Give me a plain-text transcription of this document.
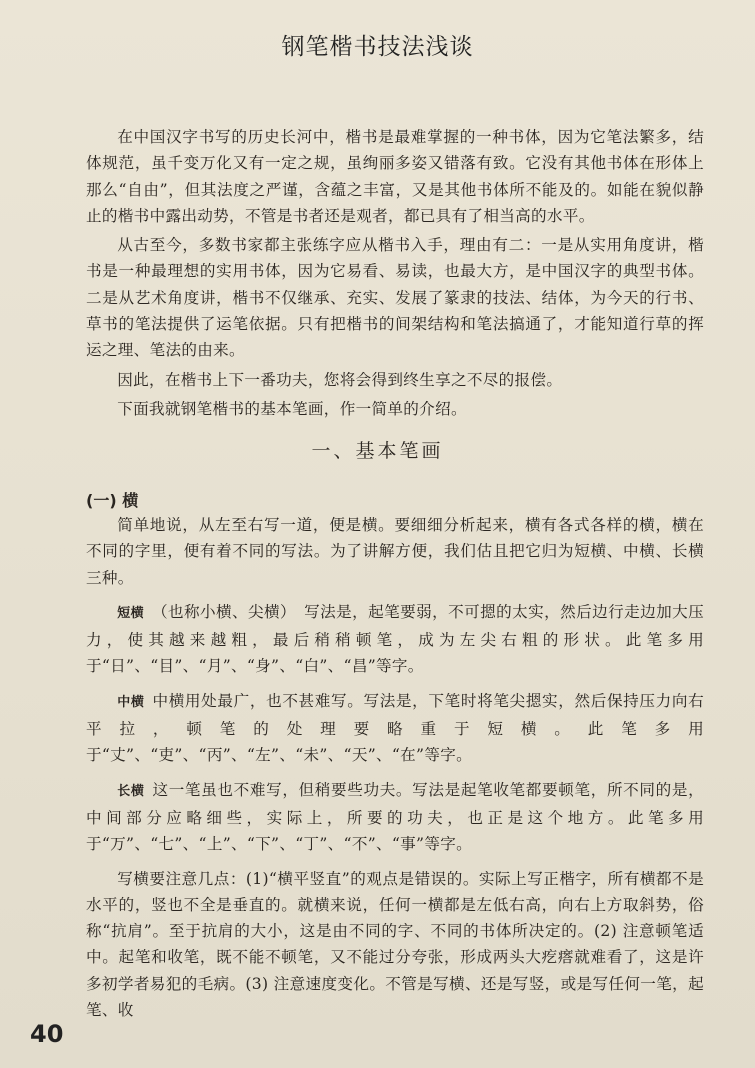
钢笔楷书技法浅谈

在中国汉字书写的历史长河中，楷书是最难掌握的一种书体，因为它笔法繁多，结体规范，虽千变万化又有一定之规，虽绚丽多姿又错落有致。它没有其他书体在形体上那么“自由”，但其法度之严谨，含蕴之丰富，又是其他书体所不能及的。如能在貌似静止的楷书中露出动势，不管是书者还是观者，都已具有了相当高的水平。

从古至今，多数书家都主张练字应从楷书入手，理由有二：一是从实用角度讲，楷书是一种最理想的实用书体，因为它易看、易读，也最大方，是中国汉字的典型书体。二是从艺术角度讲，楷书不仅继承、充实、发展了篆隶的技法、结体，为今天的行书、草书的笔法提供了运笔依据。只有把楷书的间架结构和笔法搞通了，才能知道行草的挥运之理、笔法的由来。

因此，在楷书上下一番功夫，您将会得到终生享之不尽的报偿。

下面我就钢笔楷书的基本笔画，作一简单的介绍。

一、基本笔画
(一) 横

简单地说，从左至右写一道，便是横。要细细分析起来，横有各式各样的横，横在不同的字里，便有着不同的写法。为了讲解方便，我们估且把它归为短横、中横、长横三种。

短横 （也称小横、尖横）　写法是，起笔要弱，不可摁的太实，然后边行走边加大压力，使其越来越粗，最后稍稍顿笔，成为左尖右粗的形状。此笔多用于“日”、“目”、“月”、“身”、“白”、“昌”等字。

中横 中横用处最广，也不甚难写。写法是，下笔时将笔尖摁实，然后保持压力向右平拉，顿笔的处理要略重于短横。此笔多用于“丈”、“吏”、“丙”、“左”、“未”、“天”、“在”等字。

长横 这一笔虽也不难写，但稍要些功夫。写法是起笔收笔都要顿笔，所不同的是，中间部分应略细些，实际上，所要的功夫，也正是这个地方。此笔多用于“万”、“七”、“上”、“下”、“丁”、“不”、“事”等字。

写横要注意几点：(1)“横平竖直”的观点是错误的。实际上写正楷字，所有横都不是水平的，竖也不全是垂直的。就横来说，任何一横都是左低右高，向右上方取斜势，俗称“抗肩”。至于抗肩的大小，这是由不同的字、不同的书体所决定的。(2) 注意顿笔适中。起笔和收笔，既不能不顿笔，又不能过分夸张，形成两头大疙瘩就难看了，这是许多初学者易犯的毛病。(3) 注意速度变化。不管是写横、还是写竖，或是写任何一笔，起笔、收

40
